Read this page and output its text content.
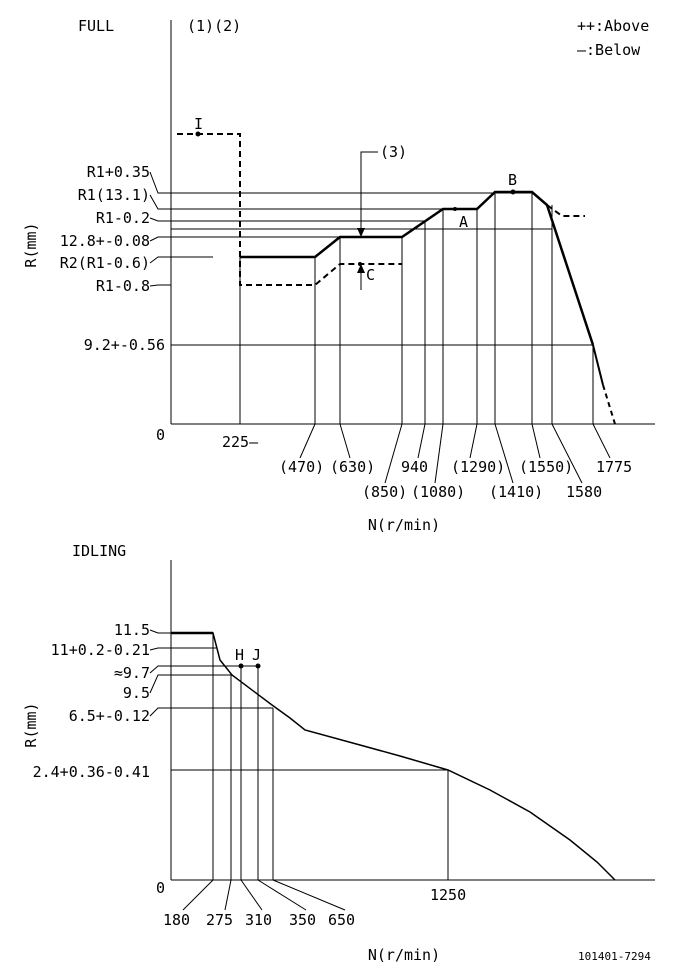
FULL	(1)(2)	++:Above
—:Below
R(mm)
N(r/min)
0
I
A
B
C
(3)
R1+0.35
R1(13.1)
R1-0.2
12.8+-0.08
R2(R1-0.6)
R1-0.8
9.2+-0.56
225—
(470) (630)
(850)
940
(1080)
(1290)
(1410)
(1550)
1580
1775
IDLING
R(mm)
N(r/min)
0
H J
11.5
11+0.2-0.21
≈9.7
9.5
6.5+-0.12
2.4+0.36-0.41
180 275 310 350 650
1250
101401-7294
